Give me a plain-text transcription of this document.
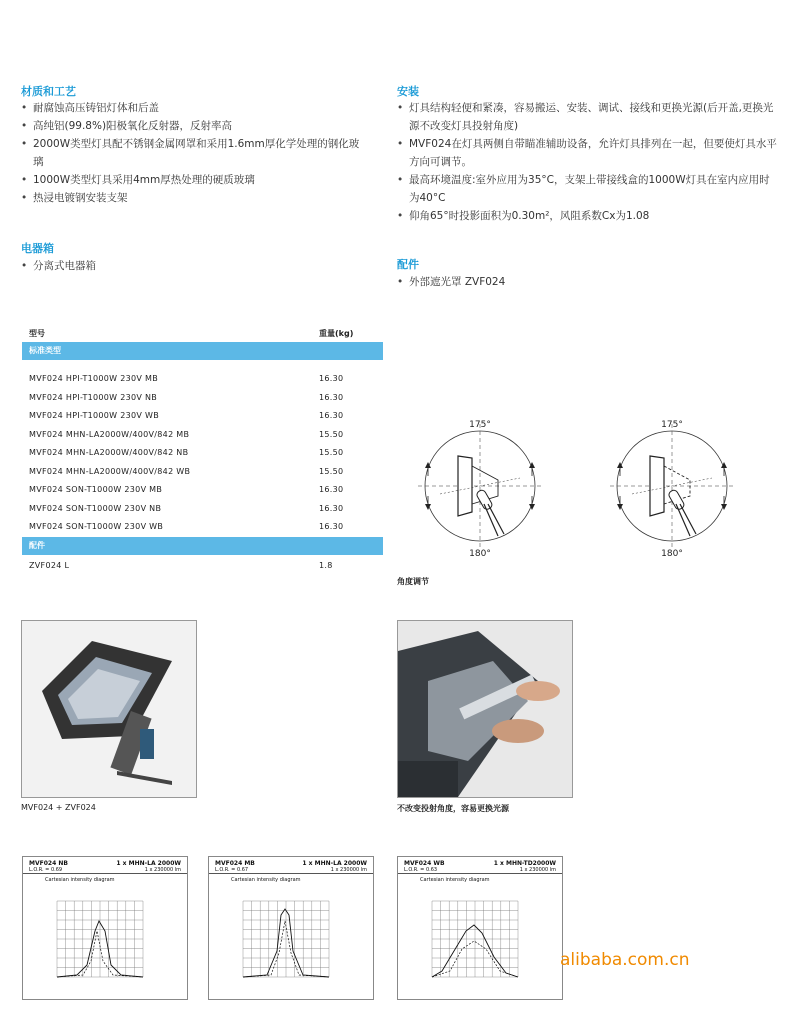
材质和工艺
• 耐腐蚀高压铸铝灯体和后盖
• 高纯铝(99.8%)阳极氧化反射器，反射率高
• 2000W类型灯具配不锈钢金属网罩和采用1.6mm厚化学处理的钢化玻璃
• 1000W类型灯具采用4mm厚热处理的硬质玻璃
• 热浸电镀钢安装支架
电器箱
• 分离式电器箱
安装
• 灯具结构轻便和紧凑，容易搬运、安装、调试、接线和更换光源(后开盖,更换光源不改变灯具投射角度)
• MVF024在灯具两侧自带瞄准辅助设备，允许灯具排列在一起，但要使灯具水平方向可调节。
• 最高环境温度:室外应用为35°C，支架上带接线盒的1000W灯具在室内应用时为40°C
• 仰角65°时投影面积为0.30m²，风阻系数Cx为1.08
配件
• 外部遮光罩 ZVF024
型号	重量(kg)
标准类型
MVF024 HPI-T1000W 230V MB	16.30
MVF024 HPI-T1000W 230V NB	16.30
MVF024 HPI-T1000W 230V WB	16.30
MVF024 MHN-LA2000W/400V/842 MB	15.50
MVF024 MHN-LA2000W/400V/842 NB	15.50
MVF024 MHN-LA2000W/400V/842 WB	15.50
MVF024 SON-T1000W 230V MB	16.30
MVF024 SON-T1000W 230V NB	16.30
MVF024 SON-T1000W 230V WB	16.30
配件
ZVF024 L	1.8
175°
180°
175°
180°
角度调节
MVF024 + ZVF024	不改变投射角度，容易更换光源
MVF024 NB	1 x MHN-LA 2000W
L.O.R. = 0.69	1 x 230000 lm
Cartesian intensity diagram
MVF024 MB	1 x MHN-LA 2000W
L.O.R. = 0.67	1 x 230000 lm
Cartesian intensity diagram
MVF024 WB	1 x MHN-TD2000W
L.O.R. = 0.63	1 x 230000 lm
Cartesian intensity diagram
alibaba.com.cn
